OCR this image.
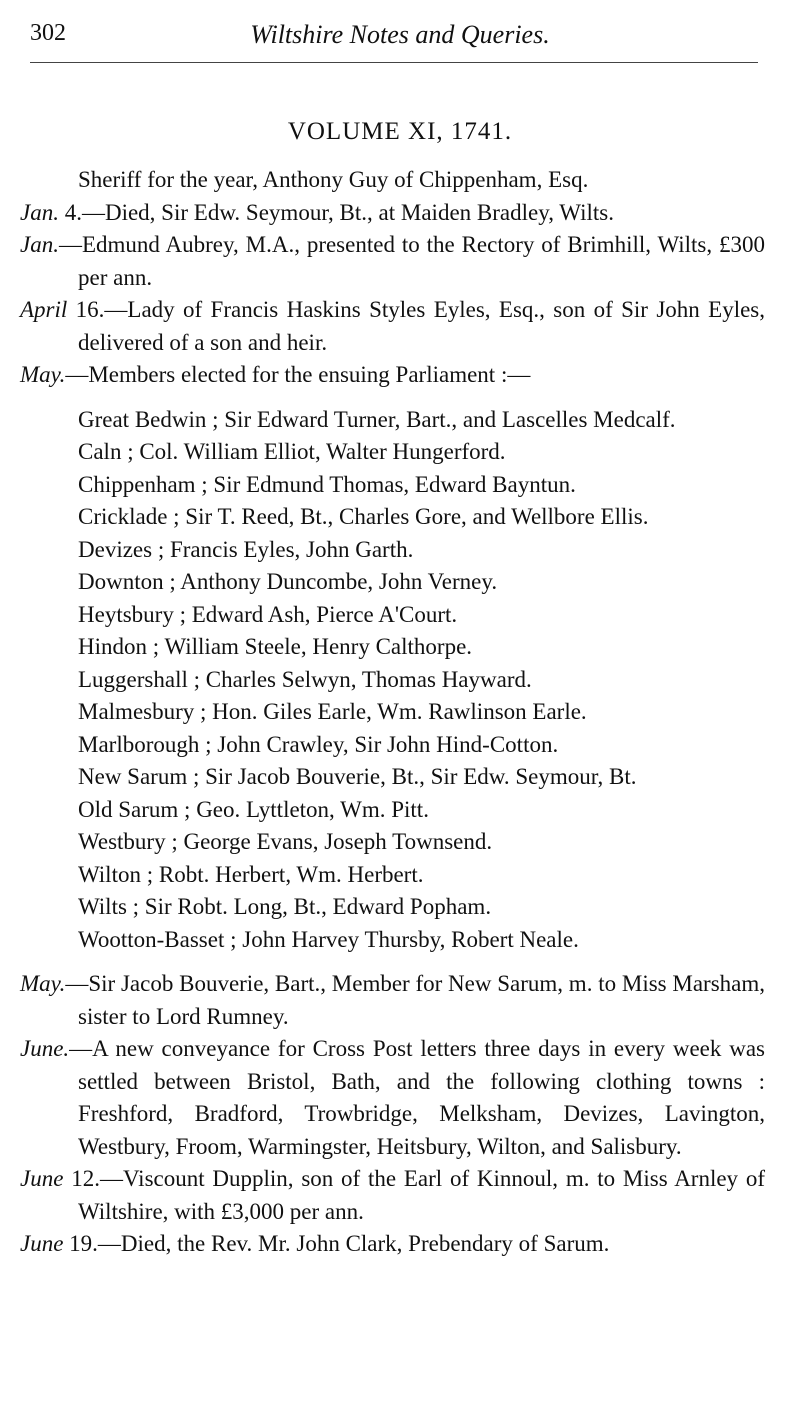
302	Wiltshire Notes and Queries.
VOLUME XI, 1741.

Sheriff for the year, Anthony Guy of Chippenham, Esq.

Jan. 4.—Died, Sir Edw. Seymour, Bt., at Maiden Bradley, Wilts.

Jan.—Edmund Aubrey, M.A., presented to the Rectory of Brimhill, Wilts, £300 per ann.

April 16.—Lady of Francis Haskins Styles Eyles, Esq., son of Sir John Eyles, delivered of a son and heir.

May.—Members elected for the ensuing Parliament :—

Great Bedwin ; Sir Edward Turner, Bart., and Lascelles Medcalf.

Caln ; Col. William Elliot, Walter Hungerford.

Chippenham ; Sir Edmund Thomas, Edward Bayntun.

Cricklade ; Sir T. Reed, Bt., Charles Gore, and Wellbore Ellis.

Devizes ; Francis Eyles, John Garth.

Downton ; Anthony Duncombe, John Verney.

Heytsbury ; Edward Ash, Pierce A'Court.

Hindon ; William Steele, Henry Calthorpe.

Luggershall ; Charles Selwyn, Thomas Hayward.

Malmesbury ; Hon. Giles Earle, Wm. Rawlinson Earle.

Marlborough ; John Crawley, Sir John Hind-Cotton.

New Sarum ; Sir Jacob Bouverie, Bt., Sir Edw. Seymour, Bt.

Old Sarum ; Geo. Lyttleton, Wm. Pitt.

Westbury ; George Evans, Joseph Townsend.

Wilton ; Robt. Herbert, Wm. Herbert.

Wilts ; Sir Robt. Long, Bt., Edward Popham.

Wootton-Basset ; John Harvey Thursby, Robert Neale.

May.—Sir Jacob Bouverie, Bart., Member for New Sarum, m. to Miss Marsham, sister to Lord Rumney.

June.—A new conveyance for Cross Post letters three days in every week was settled between Bristol, Bath, and the following clothing towns : Freshford, Bradford, Trowbridge, Melksham, Devizes, Lavington, Westbury, Froom, Warmingster, Heitsbury, Wilton, and Salisbury.

June 12.—Viscount Dupplin, son of the Earl of Kinnoul, m. to Miss Arnley of Wiltshire, with £3,000 per ann.

June 19.—Died, the Rev. Mr. John Clark, Prebendary of Sarum.
